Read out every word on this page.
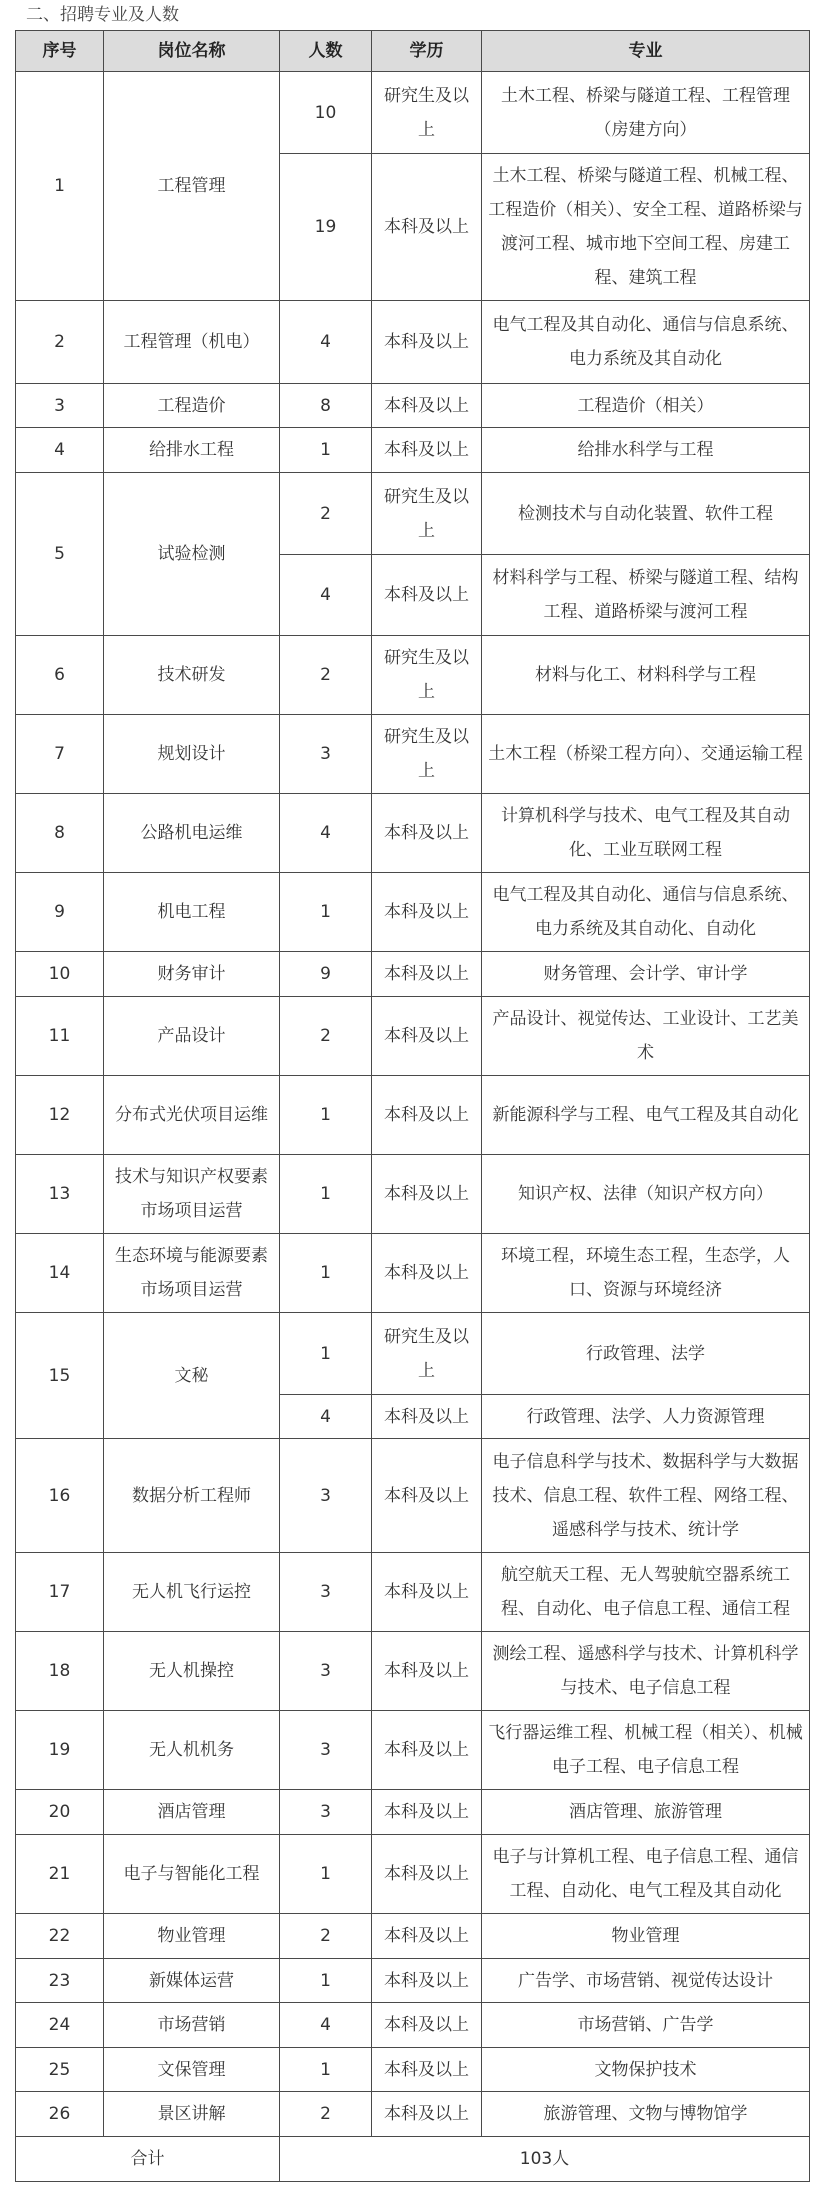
二、招聘专业及人数
序号	岗位名称	人数	学历	专业
1	工程管理	10	研究生及以上	土木工程、桥梁与隧道工程、工程管理（房建方向）
		19	本科及以上	土木工程、桥梁与隧道工程、机械工程、工程造价（相关）、安全工程、道路桥梁与渡河工程、城市地下空间工程、房建工程、建筑工程
2	工程管理（机电）	4	本科及以上	电气工程及其自动化、通信与信息系统、电力系统及其自动化
3	工程造价	8	本科及以上	工程造价（相关）
4	给排水工程	1	本科及以上	给排水科学与工程
5	试验检测	2	研究生及以上	检测技术与自动化装置、软件工程
		4	本科及以上	材料科学与工程、桥梁与隧道工程、结构工程、道路桥梁与渡河工程
6	技术研发	2	研究生及以上	材料与化工、材料科学与工程
7	规划设计	3	研究生及以上	土木工程（桥梁工程方向）、交通运输工程
8	公路机电运维	4	本科及以上	计算机科学与技术、电气工程及其自动化、工业互联网工程
9	机电工程	1	本科及以上	电气工程及其自动化、通信与信息系统、电力系统及其自动化、自动化
10	财务审计	9	本科及以上	财务管理、会计学、审计学
11	产品设计	2	本科及以上	产品设计、视觉传达、工业设计、工艺美术
12	分布式光伏项目运维	1	本科及以上	新能源科学与工程、电气工程及其自动化
13	技术与知识产权要素市场项目运营	1	本科及以上	知识产权、法律（知识产权方向）
14	生态环境与能源要素市场项目运营	1	本科及以上	环境工程，环境生态工程，生态学，人口、资源与环境经济
15	文秘	1	研究生及以上	行政管理、法学
		4	本科及以上	行政管理、法学、人力资源管理
16	数据分析工程师	3	本科及以上	电子信息科学与技术、数据科学与大数据技术、信息工程、软件工程、网络工程、遥感科学与技术、统计学
17	无人机飞行运控	3	本科及以上	航空航天工程、无人驾驶航空器系统工程、自动化、电子信息工程、通信工程
18	无人机操控	3	本科及以上	测绘工程、遥感科学与技术、计算机科学与技术、电子信息工程
19	无人机机务	3	本科及以上	飞行器运维工程、机械工程（相关）、机械电子工程、电子信息工程
20	酒店管理	3	本科及以上	酒店管理、旅游管理
21	电子与智能化工程	1	本科及以上	电子与计算机工程、电子信息工程、通信工程、自动化、电气工程及其自动化
22	物业管理	2	本科及以上	物业管理
23	新媒体运营	1	本科及以上	广告学、市场营销、视觉传达设计
24	市场营销	4	本科及以上	市场营销、广告学
25	文保管理	1	本科及以上	文物保护技术
26	景区讲解	2	本科及以上	旅游管理、文物与博物馆学
合计		103人		
